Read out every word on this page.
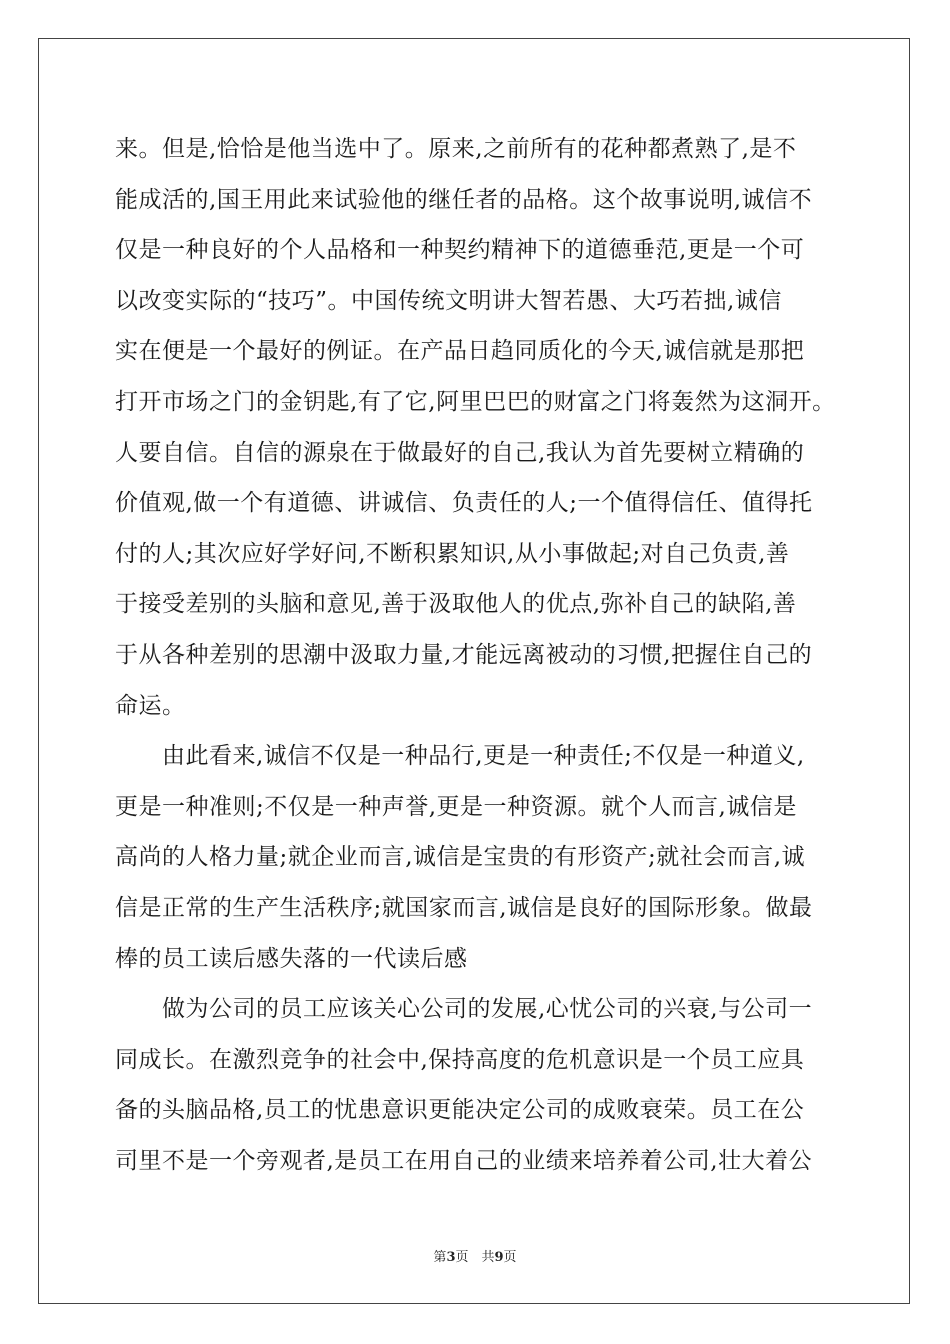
来。但是,恰恰是他当选中了。原来,之前所有的花种都煮熟了,是不
能成活的,国王用此来试验他的继任者的品格。这个故事说明,诚信不
仅是一种良好的个人品格和一种契约精神下的道德垂范,更是一个可
以改变实际的“技巧”。中国传统文明讲大智若愚、大巧若拙,诚信
实在便是一个最好的例证。在产品日趋同质化的今天,诚信就是那把
打开市场之门的金钥匙,有了它,阿里巴巴的财富之门将轰然为这洞开。
人要自信。自信的源泉在于做最好的自己,我认为首先要树立精确的
价值观,做一个有道德、讲诚信、负责任的人;一个值得信任、值得托
付的人;其次应好学好问,不断积累知识,从小事做起;对自己负责,善
于接受差别的头脑和意见,善于汲取他人的优点,弥补自己的缺陷,善
于从各种差别的思潮中汲取力量,才能远离被动的习惯,把握住自己的
命运。
　　由此看来,诚信不仅是一种品行,更是一种责任;不仅是一种道义,
更是一种准则;不仅是一种声誉,更是一种资源。就个人而言,诚信是
高尚的人格力量;就企业而言,诚信是宝贵的有形资产;就社会而言,诚
信是正常的生产生活秩序;就国家而言,诚信是良好的国际形象。做最
棒的员工读后感失落的一代读后感
　　做为公司的员工应该关心公司的发展,心忧公司的兴衰,与公司一
同成长。在激烈竞争的社会中,保持高度的危机意识是一个员工应具
备的头脑品格,员工的忧患意识更能决定公司的成败衰荣。员工在公
司里不是一个旁观者,是员工在用自己的业绩来培养着公司,壮大着公
第3页　共9页
